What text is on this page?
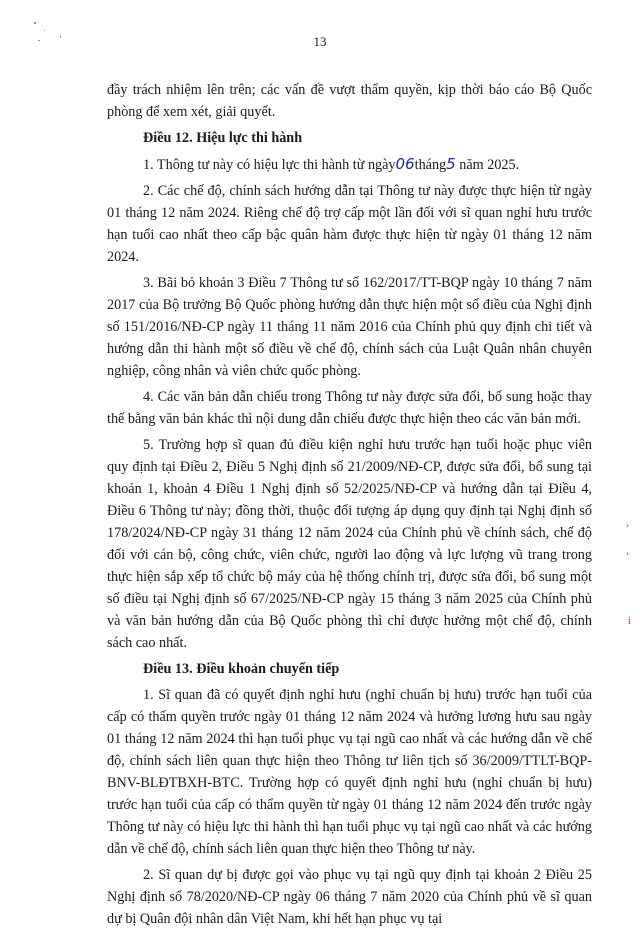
›
›
ⅰ
13

đầy trách nhiệm lên trên; các vấn đề vượt thẩm quyền, kịp thời báo cáo Bộ Quốc phòng để xem xét, giải quyết.

Điều 12. Hiệu lực thi hành

1. Thông tư này có hiệu lực thi hành từ ngày06tháng5 năm 2025.

2. Các chế độ, chính sách hướng dẫn tại Thông tư này được thực hiện từ ngày 01 tháng 12 năm 2024. Riêng chế độ trợ cấp một lần đối với sĩ quan nghỉ hưu trước hạn tuổi cao nhất theo cấp bậc quân hàm được thực hiện từ ngày 01 tháng 12 năm 2024.

3. Bãi bỏ khoản 3 Điều 7 Thông tư số 162/2017/TT-BQP ngày 10 tháng 7 năm 2017 của Bộ trưởng Bộ Quốc phòng hướng dẫn thực hiện một số điều của Nghị định số 151/2016/NĐ-CP ngày 11 tháng 11 năm 2016 của Chính phủ quy định chi tiết và hướng dẫn thi hành một số điều về chế độ, chính sách của Luật Quân nhân chuyên nghiệp, công nhân và viên chức quốc phòng.

4. Các văn bản dẫn chiếu trong Thông tư này được sửa đổi, bổ sung hoặc thay thế bằng văn bản khác thì nội dung dẫn chiếu được thực hiện theo các văn bản mới.

5. Trường hợp sĩ quan đủ điều kiện nghỉ hưu trước hạn tuổi hoặc phục viên quy định tại Điều 2, Điều 5 Nghị định số 21/2009/NĐ-CP, được sửa đổi, bổ sung tại khoản 1, khoản 4 Điều 1 Nghị định số 52/2025/NĐ-CP và hướng dẫn tại Điều 4, Điều 6 Thông tư này; đồng thời, thuộc đối tượng áp dụng quy định tại Nghị định số 178/2024/NĐ-CP ngày 31 tháng 12 năm 2024 của Chính phủ về chính sách, chế độ đối với cán bộ, công chức, viên chức, người lao động và lực lượng vũ trang trong thực hiện sắp xếp tổ chức bộ máy của hệ thống chính trị, được sửa đổi, bổ sung một số điều tại Nghị định số 67/2025/NĐ-CP ngày 15 tháng 3 năm 2025 của Chính phủ và văn bản hướng dẫn của Bộ Quốc phòng thì chỉ được hưởng một chế độ, chính sách cao nhất.

Điều 13. Điều khoản chuyển tiếp

1. Sĩ quan đã có quyết định nghỉ hưu (nghỉ chuẩn bị hưu) trước hạn tuổi của cấp có thẩm quyền trước ngày 01 tháng 12 năm 2024 và hưởng lương hưu sau ngày 01 tháng 12 năm 2024 thì hạn tuổi phục vụ tại ngũ cao nhất và các hướng dẫn về chế độ, chính sách liên quan thực hiện theo Thông tư liên tịch số 36/2009/TTLT-BQP-BNV-BLĐTBXH-BTC. Trường hợp có quyết định nghỉ hưu (nghỉ chuẩn bị hưu) trước hạn tuổi của cấp có thẩm quyền từ ngày 01 tháng 12 năm 2024 đến trước ngày Thông tư này có hiệu lực thi hành thì hạn tuổi phục vụ tại ngũ cao nhất và các hướng dẫn về chế độ, chính sách liên quan thực hiện theo Thông tư này.

2. Sĩ quan dự bị được gọi vào phục vụ tại ngũ quy định tại khoản 2 Điều 25 Nghị định số 78/2020/NĐ-CP ngày 06 tháng 7 năm 2020 của Chính phủ về sĩ quan dự bị Quân đội nhân dân Việt Nam, khi hết hạn phục vụ tại
